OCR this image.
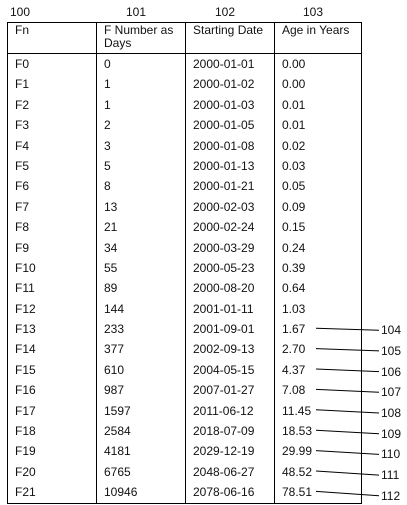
100	101	102	103
Fn	F Number as Days	Starting Date	Age in Years
F0	0	2000-01-01	0.00
F1	1	2000-01-02	0.00
F2	1	2000-01-03	0.01
F3	2	2000-01-05	0.01
F4	3	2000-01-08	0.02
F5	5	2000-01-13	0.03
F6	8	2000-01-21	0.05
F7	13	2000-02-03	0.09
F8	21	2000-02-24	0.15
F9	34	2000-03-29	0.24
F10	55	2000-05-23	0.39
F11	89	2000-08-20	0.64
F12	144	2001-01-11	1.03
F13	233	2001-09-01	1.67
F14	377	2002-09-13	2.70
F15	610	2004-05-15	4.37
F16	987	2007-01-27	7.08
F17	1597	2011-06-12	11.45
F18	2584	2018-07-09	18.53
F19	4181	2029-12-19	29.99
F20	6765	2048-06-27	48.52
F21	10946	2078-06-16	78.51
104
105
106
107
108
109
110
111
112
